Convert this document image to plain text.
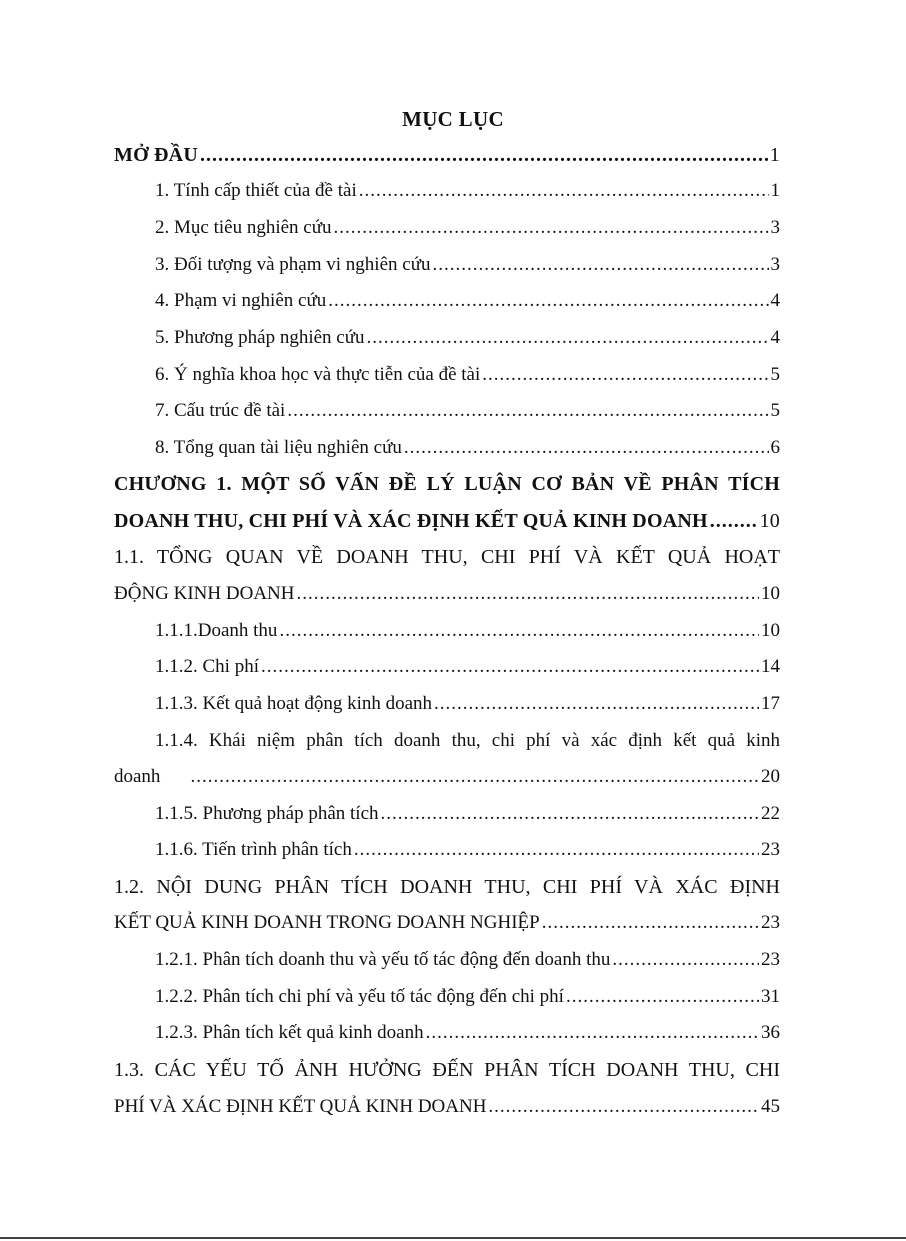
MỤC LỤC
MỞ ĐẦU .....	1
1. Tính cấp thiết của đề tài .....	1
2. Mục tiêu nghiên cứu .....	3
3. Đối tượng và phạm vi nghiên cứu .....	3
4. Phạm vi nghiên cứu .....	4
5. Phương pháp nghiên cứu .....	4
6. Ý nghĩa khoa học và thực tiễn của đề tài .....	5
7. Cấu trúc đề tài .....	5
8. Tổng quan tài liệu nghiên cứu .....	6
CHƯƠNG 1. MỘT SỐ VẤN ĐỀ LÝ LUẬN CƠ BẢN VỀ PHÂN TÍCH
DOANH THU, CHI PHÍ VÀ XÁC ĐỊNH KẾT QUẢ KINH DOANH .....	10
1.1. TỔNG QUAN VỀ DOANH THU, CHI PHÍ VÀ KẾT QUẢ HOẠT
ĐỘNG KINH DOANH .....	10
1.1.1.Doanh thu .....	10
1.1.2. Chi phí .....	14
1.1.3. Kết quả hoạt động kinh doanh .....	17
1.1.4. Khái niệm phân tích doanh thu, chi phí và xác định kết quả kinh
doanh .....	20
1.1.5. Phương pháp phân tích .....	22
1.1.6. Tiến trình phân tích .....	23
1.2. NỘI DUNG PHÂN TÍCH DOANH THU, CHI PHÍ VÀ XÁC ĐỊNH
KẾT QUẢ KINH DOANH TRONG DOANH NGHIỆP .....	23
1.2.1. Phân tích doanh thu và yếu tố tác động đến doanh thu .....	23
1.2.2. Phân tích chi phí và yếu tố tác động đến chi phí .....	31
1.2.3. Phân tích kết quả kinh doanh .....	36
1.3. CÁC YẾU TỐ ẢNH HƯỞNG ĐẾN PHÂN TÍCH DOANH THU, CHI
PHÍ VÀ XÁC ĐỊNH KẾT QUẢ KINH DOANH .....	45
